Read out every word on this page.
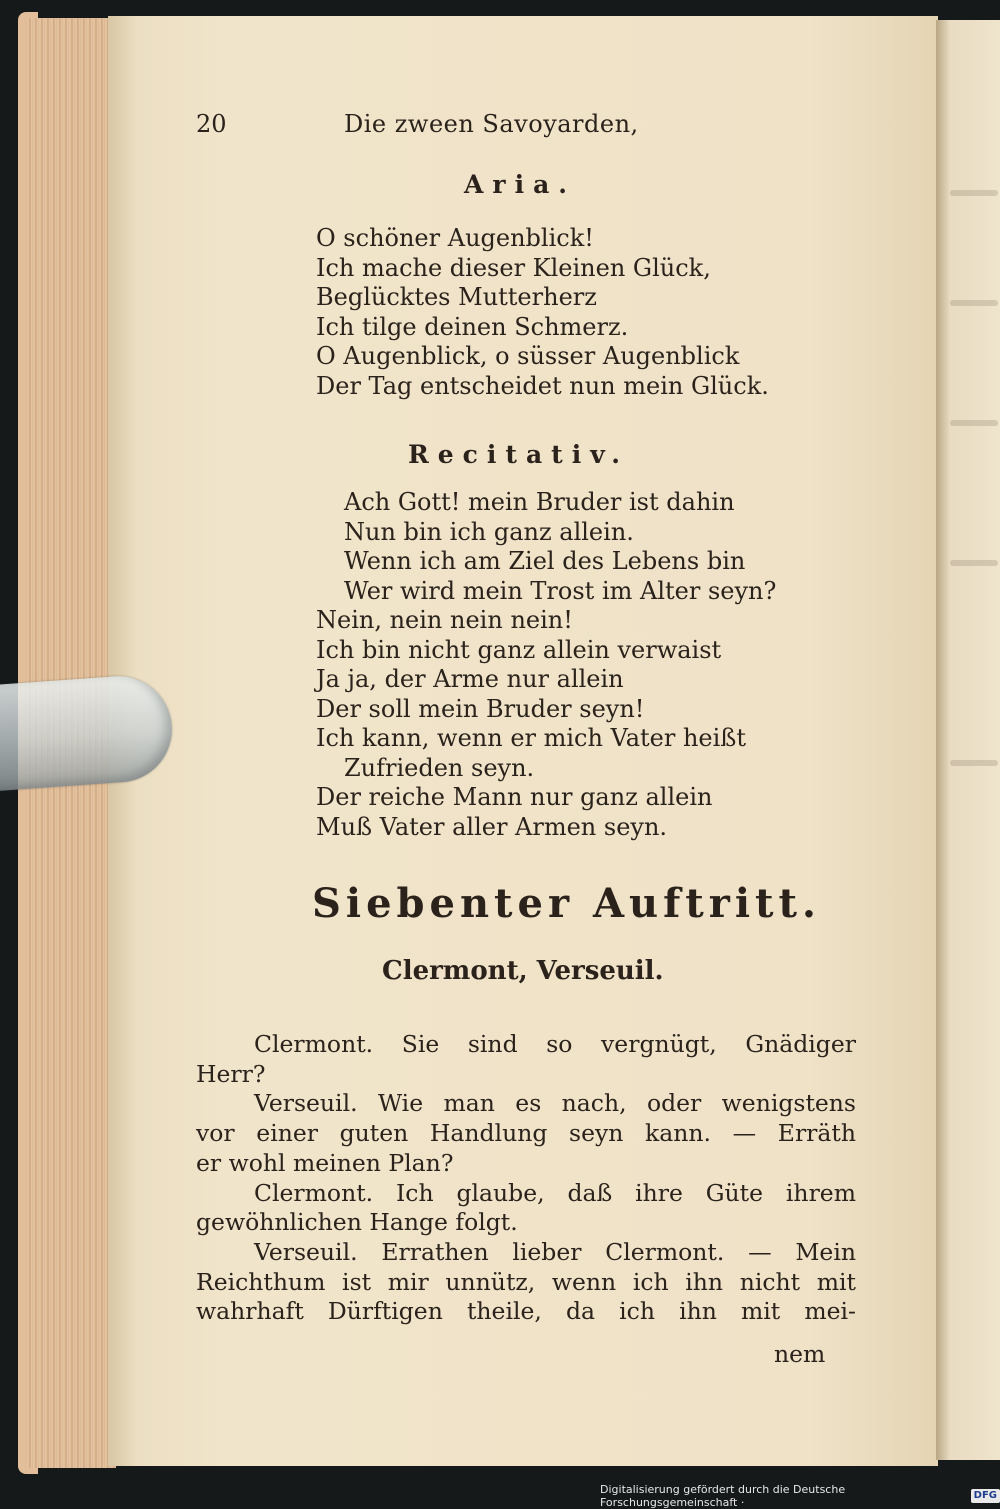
20	Die zween Savoyarden,
Aria.
O schöner Augenblick!
Ich mache dieser Kleinen Glück,
Beglücktes Mutterherz
Ich tilge deinen Schmerz.
O Augenblick, o süsser Augenblick
Der Tag entscheidet nun mein Glück.
Recitativ.
Ach Gott! mein Bruder ist dahin
Nun bin ich ganz allein.
Wenn ich am Ziel des Lebens bin
Wer wird mein Trost im Alter seyn?
Nein, nein nein nein!
Ich bin nicht ganz allein verwaist
Ja ja, der Arme nur allein
Der soll mein Bruder seyn!
Ich kann, wenn er mich Vater heißt
Zufrieden seyn.
Der reiche Mann nur ganz allein
Muß Vater aller Armen seyn.
Siebenter Auftritt.
Clermont, Verseuil.
Clermont. Sie sind so vergnügt, Gnädiger
Herr?
Verseuil. Wie man es nach, oder wenigstens
vor einer guten Handlung seyn kann. — Erräth
er wohl meinen Plan?
Clermont. Ich glaube, daß ihre Güte ihrem
gewöhnlichen Hange folgt.
Verseuil. Errathen lieber Clermont. — Mein
Reichthum ist mir unnütz, wenn ich ihn nicht mit
wahrhaft Dürftigen theile, da ich ihn mit mei-
nem
Digitalisierung gefördert durch die Deutsche Forschungsgemeinschaft ·
DFG
